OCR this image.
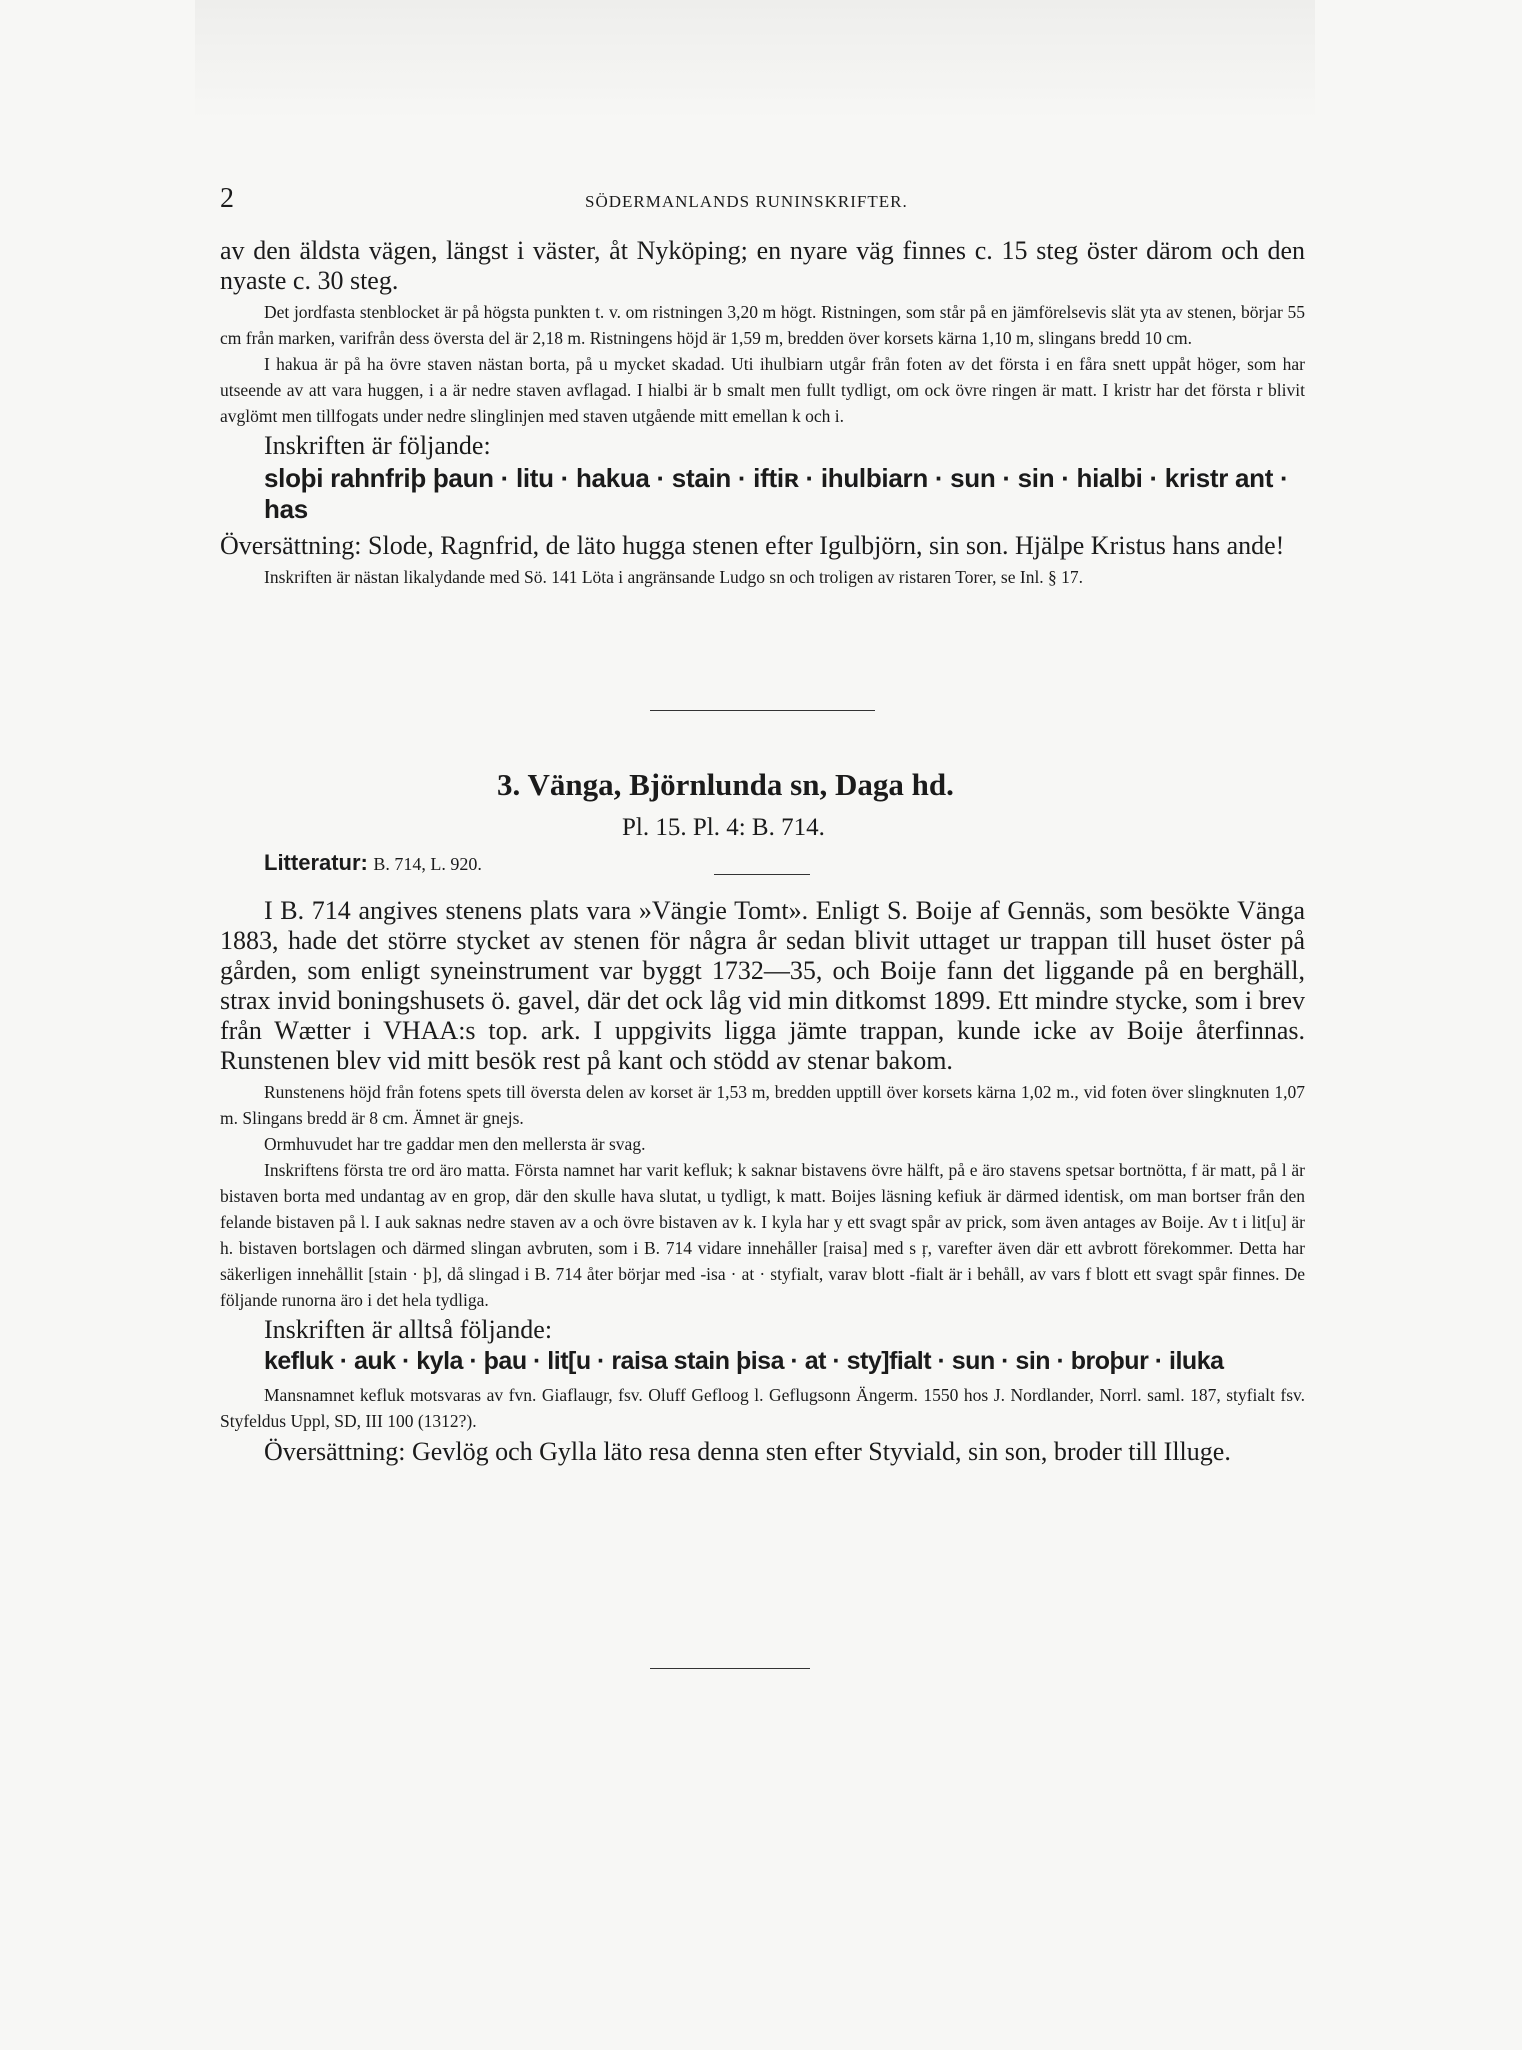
2	SÖDERMANLANDS RUNINSKRIFTER.

av den äldsta vägen, längst i väster, åt Nyköping; en nyare väg finnes c. 15 steg öster därom och den nyaste c. 30 steg.

Det jordfasta stenblocket är på högsta punkten t. v. om ristningen 3,20 m högt. Ristningen, som står på en jämförelsevis slät yta av stenen, börjar 55 cm från marken, varifrån dess översta del är 2,18 m. Ristningens höjd är 1,59 m, bredden över korsets kärna 1,10 m, slingans bredd 10 cm.

I hakua är på ha övre staven nästan borta, på u mycket skadad. Uti ihulbiarn utgår från foten av det första i en fåra snett uppåt höger, som har utseende av att vara huggen, i a är nedre staven avflagad. I hialbi är b smalt men fullt tydligt, om ock övre ringen är matt. I kristr har det första r blivit avglömt men tillfogats under nedre slinglinjen med staven utgående mitt emellan k och i.

Inskriften är följande:

sloþi rahnfriþ þaun · litu · hakua · stain · iftiʀ · ihulbiarn · sun · sin · hialbi · kristr ant · has

Översättning: Slode, Ragnfrid, de läto hugga stenen efter Igulbjörn, sin son. Hjälpe Kristus hans ande!

Inskriften är nästan likalydande med Sö. 141 Löta i angränsande Ludgo sn och troligen av ristaren Torer, se Inl. § 17.

3. Vänga, Björnlunda sn, Daga hd.
Pl. 15. Pl. 4: B. 714.
Litteratur: B. 714, L. 920.

I B. 714 angives stenens plats vara »Vängie Tomt». Enligt S. Boije af Gennäs, som besökte Vänga 1883, hade det större stycket av stenen för några år sedan blivit uttaget ur trappan till huset öster på gården, som enligt syneinstrument var byggt 1732—35, och Boije fann det liggande på en berghäll, strax invid boningshusets ö. gavel, där det ock låg vid min ditkomst 1899. Ett mindre stycke, som i brev från Wætter i VHAA:s top. ark. I uppgivits ligga jämte trappan, kunde icke av Boije återfinnas. Runstenen blev vid mitt besök rest på kant och stödd av stenar bakom.

Runstenens höjd från fotens spets till översta delen av korset är 1,53 m, bredden upptill över korsets kärna 1,02 m., vid foten över slingknuten 1,07 m. Slingans bredd är 8 cm. Ämnet är gnejs.

Ormhuvudet har tre gaddar men den mellersta är svag.

Inskriftens första tre ord äro matta. Första namnet har varit kefluk; k saknar bistavens övre hälft, på e äro stavens spetsar bortnötta, f är matt, på l är bistaven borta med undantag av en grop, där den skulle hava slutat, u tydligt, k matt. Boijes läsning kefiuk är därmed identisk, om man bortser från den felande bistaven på l. I auk saknas nedre staven av a och övre bistaven av k. I kyla har y ett svagt spår av prick, som även antages av Boije. Av t i lit[u] är h. bistaven bortslagen och därmed slingan avbruten, som i B. 714 vidare innehåller [raisa] med s ŗ, varefter även där ett avbrott förekommer. Detta har säkerligen innehållit [stain · þ], då slingad i B. 714 åter börjar med -isa · at · styfialt, varav blott -fialt är i behåll, av vars f blott ett svagt spår finnes. De följande runorna äro i det hela tydliga.

Inskriften är alltså följande:

kefluk · auk · kyla · þau · lit[u · raisa stain þisa · at · sty]fialt · sun · sin · broþur · iluka

Mansnamnet kefluk motsvaras av fvn. Giaflaugr, fsv. Oluff Gefloog l. Geflugsonn Ängerm. 1550 hos J. Nordlander, Norrl. saml. 187, styfialt fsv. Styfeldus Uppl, SD, III 100 (1312?).

Översättning: Gevlög och Gylla läto resa denna sten efter Styviald, sin son, broder till Illuge.
